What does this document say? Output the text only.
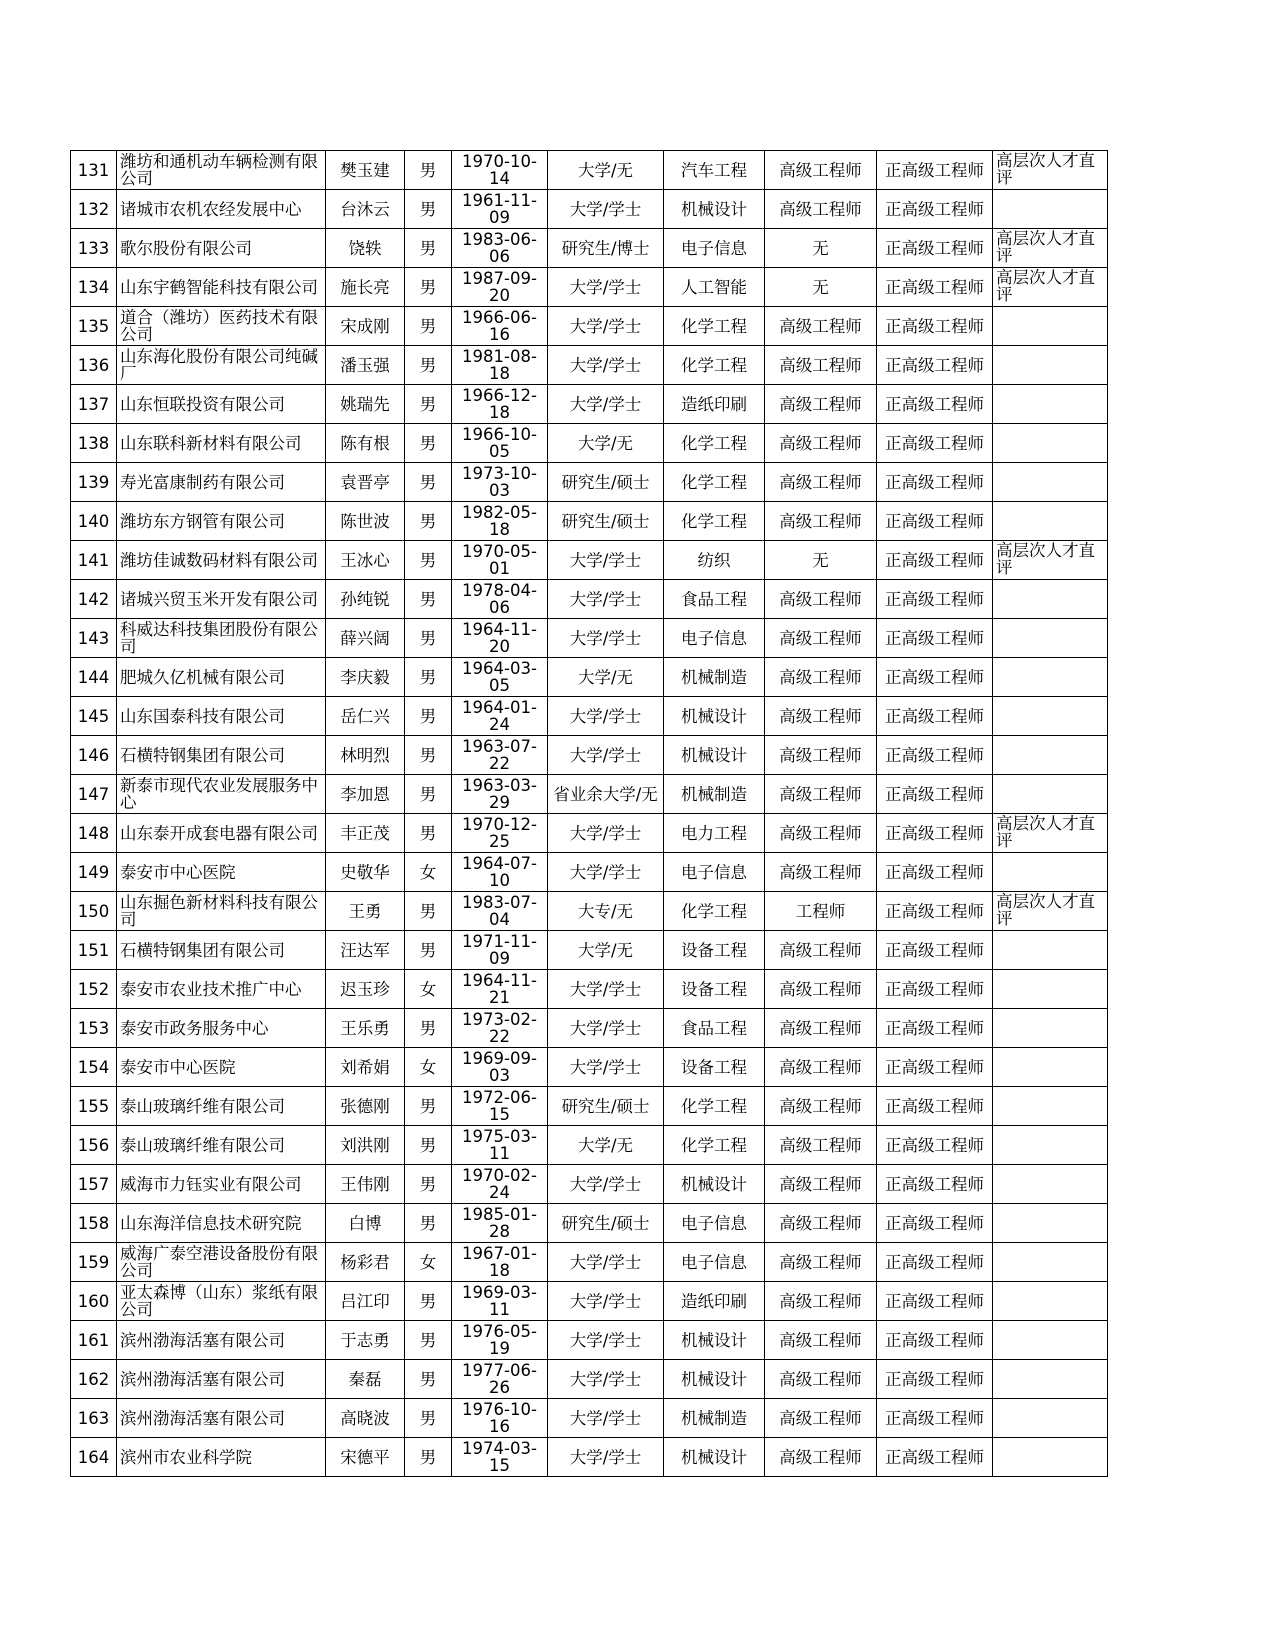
131	潍坊和通机动车辆检测有限公司	樊玉建	男	1970-10-14	大学/无	汽车工程	高级工程师	正高级工程师	高层次人才直评

132	诸城市农机农经发展中心	台沐云	男	1961-11-09	大学/学士	机械设计	高级工程师	正高级工程师	

133	歌尔股份有限公司	饶轶	男	1983-06-06	研究生/博士	电子信息	无	正高级工程师	高层次人才直评

134	山东宇鹤智能科技有限公司	施长亮	男	1987-09-20	大学/学士	人工智能	无	正高级工程师	高层次人才直评

135	道合（潍坊）医药技术有限公司	宋成刚	男	1966-06-16	大学/学士	化学工程	高级工程师	正高级工程师	

136	山东海化股份有限公司纯碱厂	潘玉强	男	1981-08-18	大学/学士	化学工程	高级工程师	正高级工程师	

137	山东恒联投资有限公司	姚瑞先	男	1966-12-18	大学/学士	造纸印刷	高级工程师	正高级工程师	

138	山东联科新材料有限公司	陈有根	男	1966-10-05	大学/无	化学工程	高级工程师	正高级工程师	

139	寿光富康制药有限公司	袁晋亭	男	1973-10-03	研究生/硕士	化学工程	高级工程师	正高级工程师	

140	潍坊东方钢管有限公司	陈世波	男	1982-05-18	研究生/硕士	化学工程	高级工程师	正高级工程师	

141	潍坊佳诚数码材料有限公司	王冰心	男	1970-05-01	大学/学士	纺织	无	正高级工程师	高层次人才直评

142	诸城兴贸玉米开发有限公司	孙纯锐	男	1978-04-06	大学/学士	食品工程	高级工程师	正高级工程师	

143	科威达科技集团股份有限公司	薛兴阔	男	1964-11-20	大学/学士	电子信息	高级工程师	正高级工程师	

144	肥城久亿机械有限公司	李庆毅	男	1964-03-05	大学/无	机械制造	高级工程师	正高级工程师	

145	山东国泰科技有限公司	岳仁兴	男	1964-01-24	大学/学士	机械设计	高级工程师	正高级工程师	

146	石横特钢集团有限公司	林明烈	男	1963-07-22	大学/学士	机械设计	高级工程师	正高级工程师	

147	新泰市现代农业发展服务中心	李加恩	男	1963-03-29	省业余大学/无	机械制造	高级工程师	正高级工程师	

148	山东泰开成套电器有限公司	丰正茂	男	1970-12-25	大学/学士	电力工程	高级工程师	正高级工程师	高层次人才直评

149	泰安市中心医院	史敬华	女	1964-07-10	大学/学士	电子信息	高级工程师	正高级工程师	

150	山东掘色新材料科技有限公司	王勇	男	1983-07-04	大专/无	化学工程	工程师	正高级工程师	高层次人才直评

151	石横特钢集团有限公司	汪达军	男	1971-11-09	大学/无	设备工程	高级工程师	正高级工程师	

152	泰安市农业技术推广中心	迟玉珍	女	1964-11-21	大学/学士	设备工程	高级工程师	正高级工程师	

153	泰安市政务服务中心	王乐勇	男	1973-02-22	大学/学士	食品工程	高级工程师	正高级工程师	

154	泰安市中心医院	刘希娟	女	1969-09-03	大学/学士	设备工程	高级工程师	正高级工程师	

155	泰山玻璃纤维有限公司	张德刚	男	1972-06-15	研究生/硕士	化学工程	高级工程师	正高级工程师	

156	泰山玻璃纤维有限公司	刘洪刚	男	1975-03-11	大学/无	化学工程	高级工程师	正高级工程师	

157	威海市力钰实业有限公司	王伟刚	男	1970-02-24	大学/学士	机械设计	高级工程师	正高级工程师	

158	山东海洋信息技术研究院	白博	男	1985-01-28	研究生/硕士	电子信息	高级工程师	正高级工程师	

159	威海广泰空港设备股份有限公司	杨彩君	女	1967-01-18	大学/学士	电子信息	高级工程师	正高级工程师	

160	亚太森博（山东）浆纸有限公司	吕江印	男	1969-03-11	大学/学士	造纸印刷	高级工程师	正高级工程师	

161	滨州渤海活塞有限公司	于志勇	男	1976-05-19	大学/学士	机械设计	高级工程师	正高级工程师	

162	滨州渤海活塞有限公司	秦磊	男	1977-06-26	大学/学士	机械设计	高级工程师	正高级工程师	

163	滨州渤海活塞有限公司	高晓波	男	1976-10-16	大学/学士	机械制造	高级工程师	正高级工程师	

164	滨州市农业科学院	宋德平	男	1974-03-15	大学/学士	机械设计	高级工程师	正高级工程师	
